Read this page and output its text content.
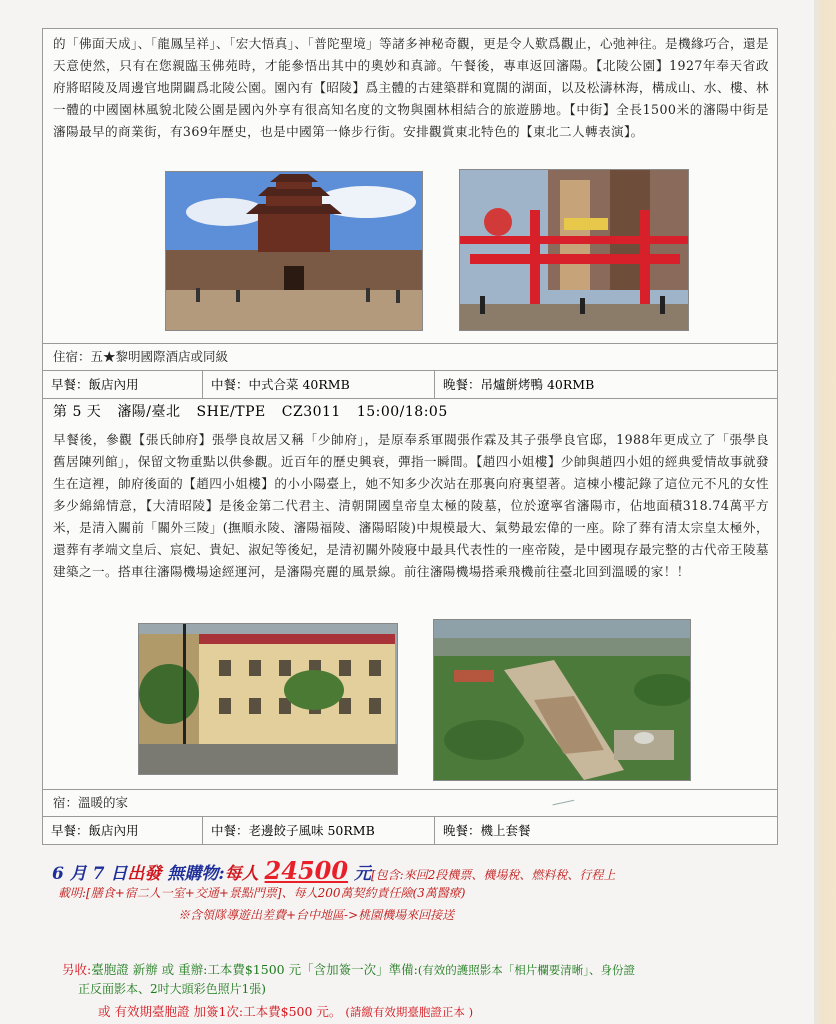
的「佛面天成」、「龍鳳呈祥」、「宏大悟真」、「普陀聖境」等諸多神秘奇觀，更是令人歎爲觀止，心弛神往。是機緣巧合，還是天意使然，只有在您親臨玉佛苑時，才能參悟出其中的奧妙和真諦。午餐後，專車返回瀋陽。【北陵公園】1927年奉天省政府將昭陵及周邊官地開闢爲北陵公園。園內有【昭陵】爲主體的古建築群和寬闊的湖面，以及松濤林海，構成山、水、樓、林一體的中國園林風貌北陵公園是國內外享有很高知名度的文物與園林相結合的旅遊勝地。【中街】全長1500米的瀋陽中街是瀋陽最早的商業街，有369年歷史，也是中國第一條步行街。安排觀賞東北特色的【東北二人轉表演】。
住宿：五★黎明國際酒店或同級
早餐：飯店內用	中餐：中式合菜 40RMB	晚餐：吊爐餅烤鴨 40RMB
第 5 天 瀋陽/臺北 SHE/TPE CZ3011 15:00/18:05
早餐後，參觀【張氏帥府】張學良故居又稱「少帥府」，是原奉系軍閥張作霖及其子張學良官邸，1988年更成立了「張學良舊居陳列館」，保留文物重點以供參觀。近百年的歷史興衰，彈指一瞬間。【趙四小姐樓】少帥與趙四小姐的經典愛情故事就發生在這裡，帥府後面的【趙四小姐樓】的小小陽臺上，她不知多少次站在那裏向府裏望著。這棟小樓記錄了這位元不凡的女性多少綿綿情意，【大清昭陵】是後金第二代君主、清朝開國皇帝皇太極的陵墓，位於遼寧省瀋陽市，佔地面積318.74萬平方米，是清入關前「關外三陵」(撫順永陵、瀋陽福陵、瀋陽昭陵)中規模最大、氣勢最宏偉的一座。除了葬有清太宗皇太極外，還葬有孝端文皇后、宸妃、貴妃、淑妃等後妃，是清初關外陵寢中最具代表性的一座帝陵，是中國現存最完整的古代帝王陵墓建築之一。搭車往瀋陽機場途經運河，是瀋陽亮麗的風景線。前往瀋陽機場搭乘飛機前往臺北回到溫暖的家！！
宿：溫暖的家
早餐：飯店內用	中餐：老邊餃子風味 50RMB	晚餐：機上套餐
6 月 7 日出發 無購物:每人 24500 元[包含:來回2段機票、機場稅、燃料稅、行程上
載明:[膳食+宿二人一室+交通+景點門票]、每人200萬契約責任險(3萬醫療)
※含領隊導遊出差費+台中地區->桃園機場來回接送
另收:臺胞證 新辦 或 重辦:工本費$1500 元「含加簽一次」準備:(有效的護照影本「相片欄要清晰」、身份證
正反面影本、2吋大頭彩色照片1張)
或 有效期臺胞證 加簽1次:工本費$500 元。 (請繳有效期臺胞證正本 )
